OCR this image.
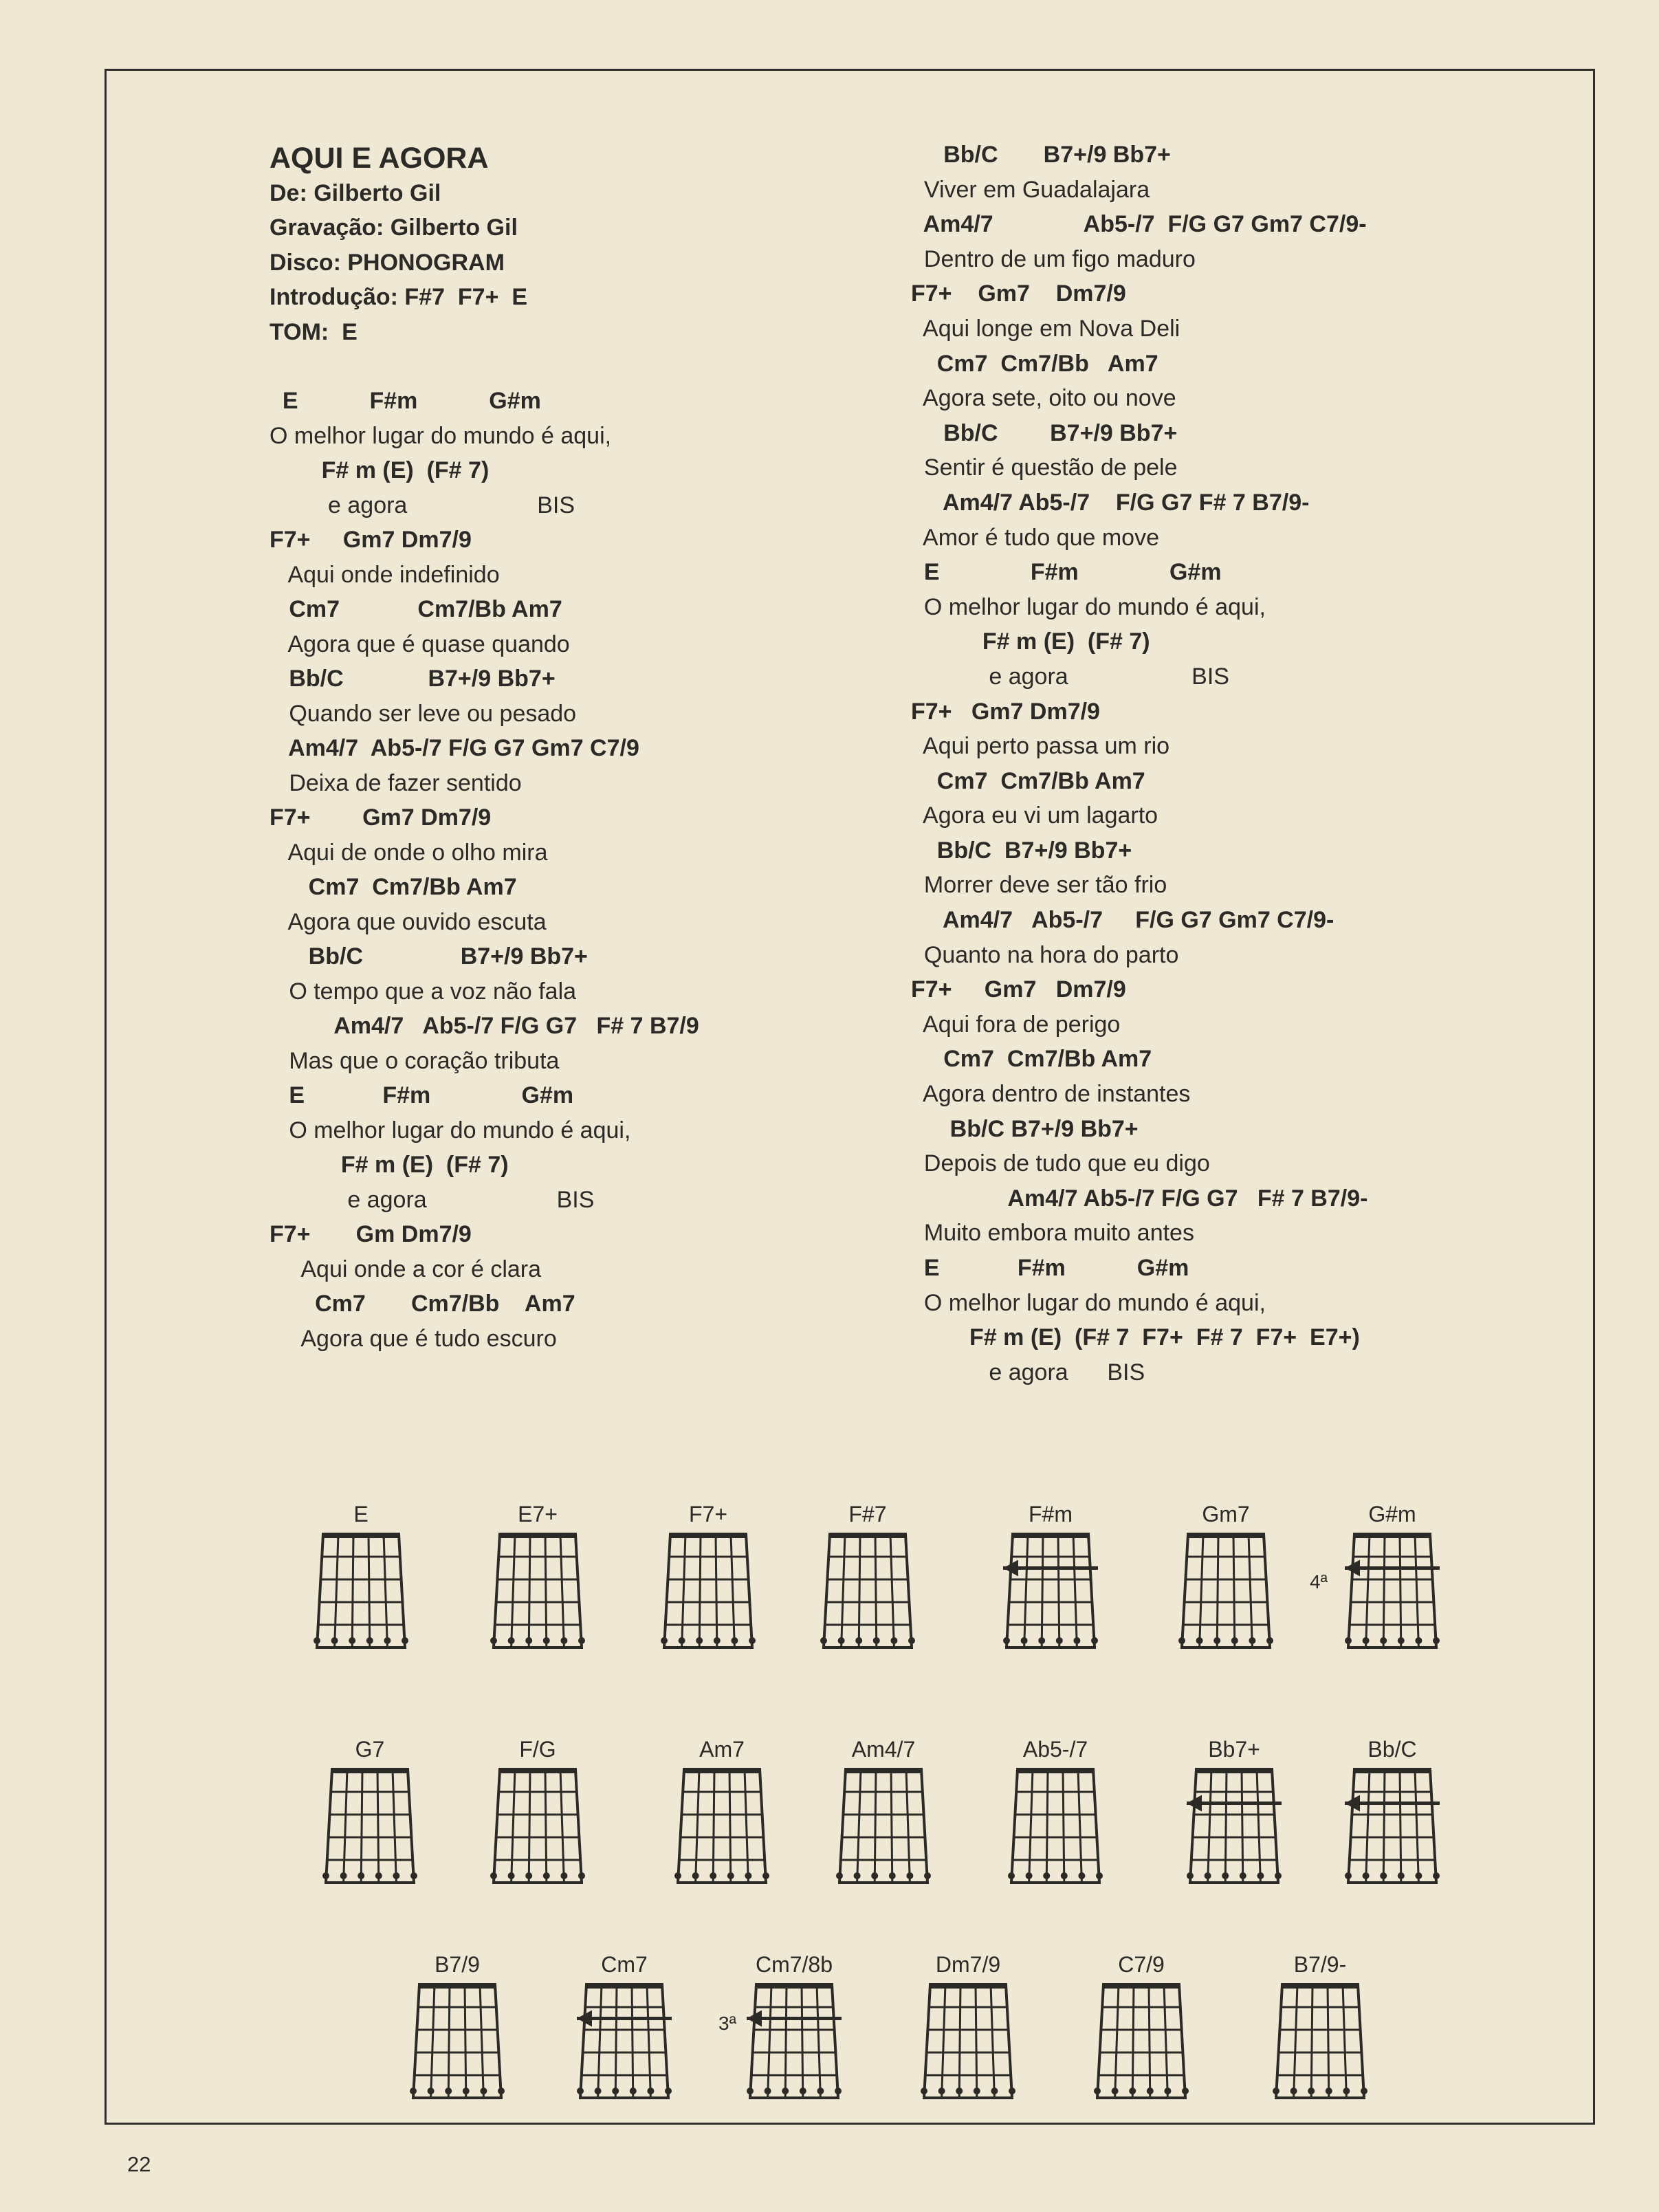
AQUI E AGORA
De: Gilberto Gil
Gravação: Gilberto Gil
Disco: PHONOGRAM
Introdução: F#7  F7+  E
TOM:  E
E           F#m           G#m
O melhor lugar do mundo é aqui,
F# m (E)  (F# 7)
e agora                    BIS
F7+     Gm7 Dm7/9
Aqui onde indefinido
Cm7            Cm7/Bb Am7
Agora que é quase quando
Bb/C             B7+/9 Bb7+
Quando ser leve ou pesado
Am4/7  Ab5-/7 F/G G7 Gm7 C7/9
Deixa de fazer sentido
F7+        Gm7 Dm7/9
Aqui de onde o olho mira
Cm7  Cm7/Bb Am7
Agora que ouvido escuta
Bb/C               B7+/9 Bb7+
O tempo que a voz não fala
Am4/7   Ab5-/7 F/G G7   F# 7 B7/9
Mas que o coração tributa
E            F#m              G#m
O melhor lugar do mundo é aqui,
F# m (E)  (F# 7)
e agora                    BIS
F7+       Gm Dm7/9
Aqui onde a cor é clara
Cm7       Cm7/Bb    Am7
Agora que é tudo escuro
Bb/C       B7+/9 Bb7+
Viver em Guadalajara
Am4/7              Ab5-/7  F/G G7 Gm7 C7/9-
Dentro de um figo maduro
F7+    Gm7    Dm7/9
Aqui longe em Nova Deli
Cm7  Cm7/Bb   Am7
Agora sete, oito ou nove
Bb/C        B7+/9 Bb7+
Sentir é questão de pele
Am4/7 Ab5-/7    F/G G7 F# 7 B7/9-
Amor é tudo que move
E              F#m              G#m
O melhor lugar do mundo é aqui,
F# m (E)  (F# 7)
e agora                   BIS
F7+   Gm7 Dm7/9
Aqui perto passa um rio
Cm7  Cm7/Bb Am7
Agora eu vi um lagarto
Bb/C  B7+/9 Bb7+
Morrer deve ser tão frio
Am4/7   Ab5-/7     F/G G7 Gm7 C7/9-
Quanto na hora do parto
F7+     Gm7   Dm7/9
Aqui fora de perigo
Cm7  Cm7/Bb Am7
Agora dentro de instantes
Bb/C B7+/9 Bb7+
Depois de tudo que eu digo
Am4/7 Ab5-/7 F/G G7   F# 7 B7/9-
Muito embora muito antes
E            F#m           G#m
O melhor lugar do mundo é aqui,
F# m (E)  (F# 7  F7+  F# 7  F7+  E7+)
e agora      BIS
E	E7+	F7+	F#7	F#m	Gm7	G#m
G7	F/G	Am7	Am4/7	Ab5-/7	Bb7+	Bb/C
B7/9	Cm7	Cm7/8b	Dm7/9	C7/9	B7/9-
4ª
3ª
22
